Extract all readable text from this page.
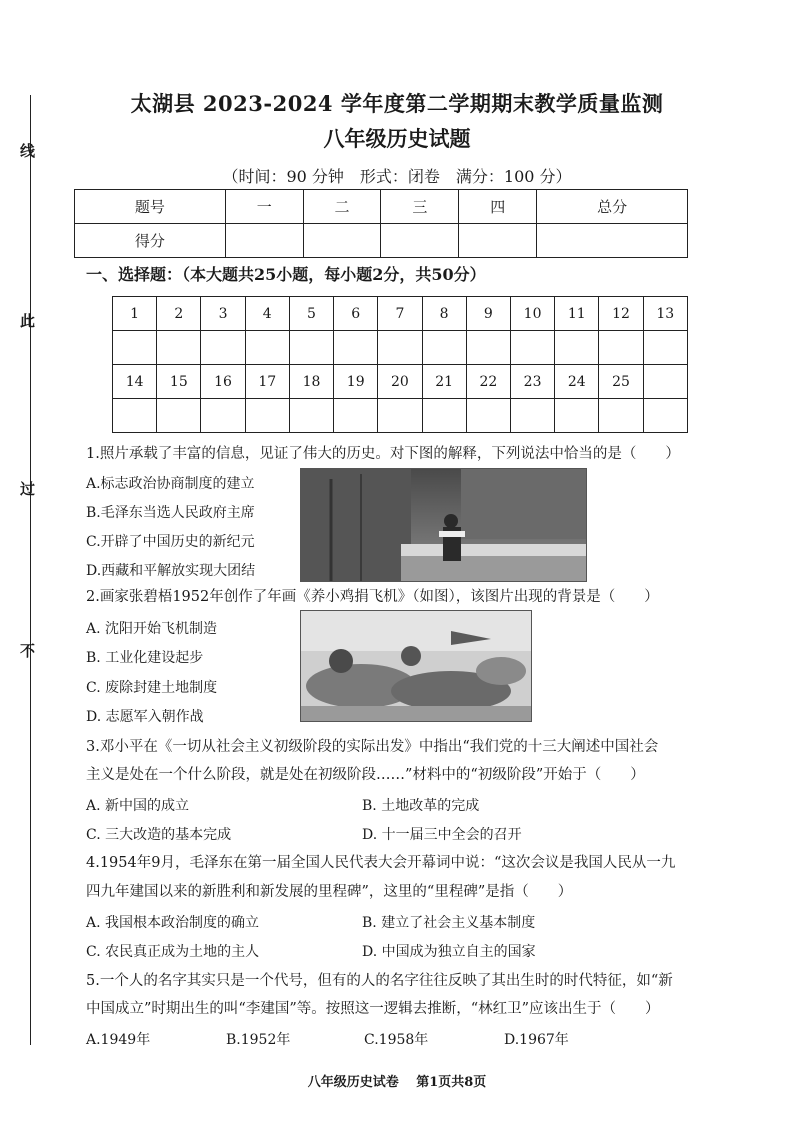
线
此
过
不
太湖县 2023-2024 学年度第二学期期末教学质量监测
八年级历史试题
（时间：90 分钟　形式：闭卷　满分：100 分）
题号	一	二	三	四	总分
得分					
一、选择题：（本大题共25小题，每小题2分，共50分）
1	2	3	4	5	6	7	8	9	10	11	12	13

14	15	16	17	18	19	20	21	22	23	24	25	

1.照片承载了丰富的信息，见证了伟大的历史。对下图的解释，下列说法中恰当的是（　　）
A.标志政治协商制度的建立
B.毛泽东当选人民政府主席
C.开辟了中国历史的新纪元
D.西藏和平解放实现大团结
2.画家张碧梧1952年创作了年画《养小鸡捐飞机》（如图），该图片出现的背景是（　　）
A. 沈阳开始飞机制造
B. 工业化建设起步
C. 废除封建土地制度
D. 志愿军入朝作战
3.邓小平在《一切从社会主义初级阶段的实际出发》中指出“我们党的十三大阐述中国社会
主义是处在一个什么阶段，就是处在初级阶段……”材料中的“初级阶段”开始于（　　）
A. 新中国的成立	B. 土地改革的完成
C. 三大改造的基本完成	D. 十一届三中全会的召开
4.1954年9月，毛泽东在第一届全国人民代表大会开幕词中说：“这次会议是我国人民从一九
四九年建国以来的新胜利和新发展的里程碑”，这里的“里程碑”是指（　　）
A. 我国根本政治制度的确立	B. 建立了社会主义基本制度
C. 农民真正成为土地的主人	D. 中国成为独立自主的国家
5.一个人的名字其实只是一个代号，但有的人的名字往往反映了其出生时的时代特征，如“新
中国成立”时期出生的叫“李建国”等。按照这一逻辑去推断，“林红卫”应该出生于（　　）
A.1949年	B.1952年	C.1958年	D.1967年
八年级历史试卷　 第1页共8页
